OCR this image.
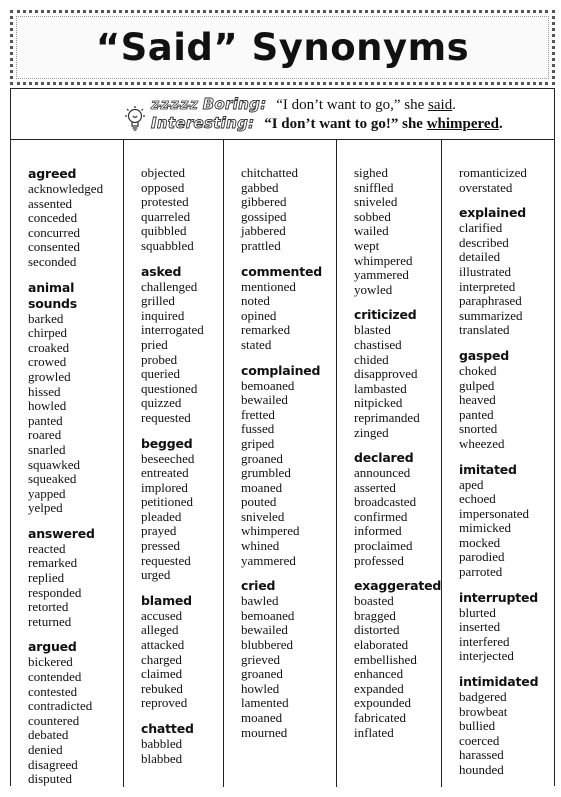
“Said” Synonyms
Z-Z-Z-Z-Z Boring: “I don’t want to go,” she said.
Interesting: “I don’t want to go!” she whimpered.
agreed
acknowledged
assented
conceded
concurred
consented
seconded
animal sounds
barked
chirped
croaked
crowed
growled
hissed
howled
panted
roared
snarled
squawked
squeaked
yapped
yelped
answered
reacted
remarked
replied
responded
retorted
returned
argued
bickered
contended
contested
contradicted
countered
debated
denied
disagreed
disputed
objected
opposed
protested
quarreled
quibbled
squabbled
asked
challenged
grilled
inquired
interrogated
pried
probed
queried
questioned
quizzed
requested
begged
beseeched
entreated
implored
petitioned
pleaded
prayed
pressed
requested
urged
blamed
accused
alleged
attacked
charged
claimed
rebuked
reproved
chatted
babbled
blabbed
chitchatted
gabbed
gibbered
gossiped
jabbered
prattled
commented
mentioned
noted
opined
remarked
stated
complained
bemoaned
bewailed
fretted
fussed
griped
groaned
grumbled
moaned
pouted
sniveled
whimpered
whined
yammered
cried
bawled
bemoaned
bewailed
blubbered
grieved
groaned
howled
lamented
moaned
mourned
sighed
sniffled
sniveled
sobbed
wailed
wept
whimpered
yammered
yowled
criticized
blasted
chastised
chided
disapproved
lambasted
nitpicked
reprimanded
zinged
declared
announced
asserted
broadcasted
confirmed
informed
proclaimed
professed
exaggerated
boasted
bragged
distorted
elaborated
embellished
enhanced
expanded
expounded
fabricated
inflated
romanticized
overstated
explained
clarified
described
detailed
illustrated
interpreted
paraphrased
summarized
translated
gasped
choked
gulped
heaved
panted
snorted
wheezed
imitated
aped
echoed
impersonated
mimicked
mocked
parodied
parroted
interrupted
blurted
inserted
interfered
interjected
intimidated
badgered
browbeat
bullied
coerced
harassed
hounded
